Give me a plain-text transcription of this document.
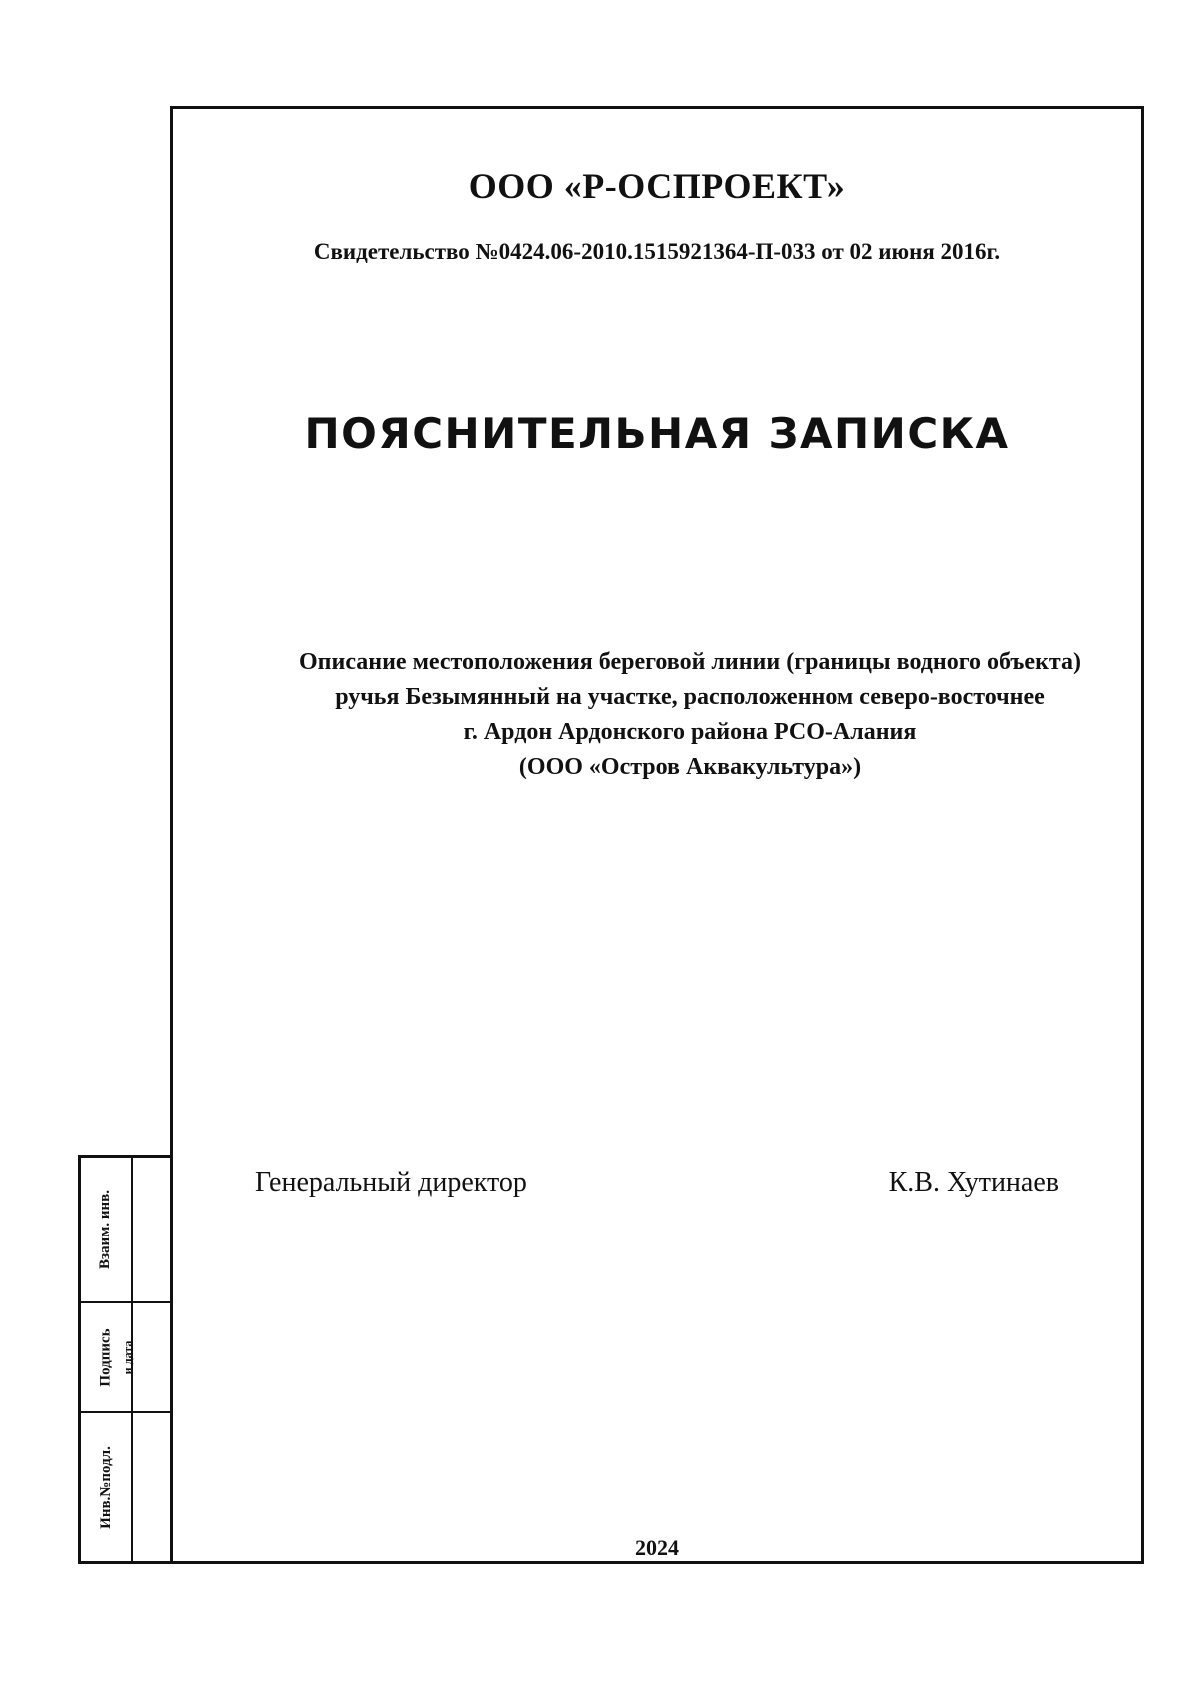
Взаим. инв.
Подпись и дата
Инв.№подл.
ООО «Р-ОСПРОЕКТ»
Свидетельство №0424.06-2010.1515921364-П-033 от 02 июня 2016г.
ПОЯСНИТЕЛЬНАЯ ЗАПИСКА
Описание местоположения береговой линии (границы водного объекта)
ручья Безымянный на участке, расположенном северо-восточнее
г. Ардон Ардонского района РСО-Алания
(ООО «Остров Аквакультура»)
Генеральный директор	К.В. Хутинаев
2024
